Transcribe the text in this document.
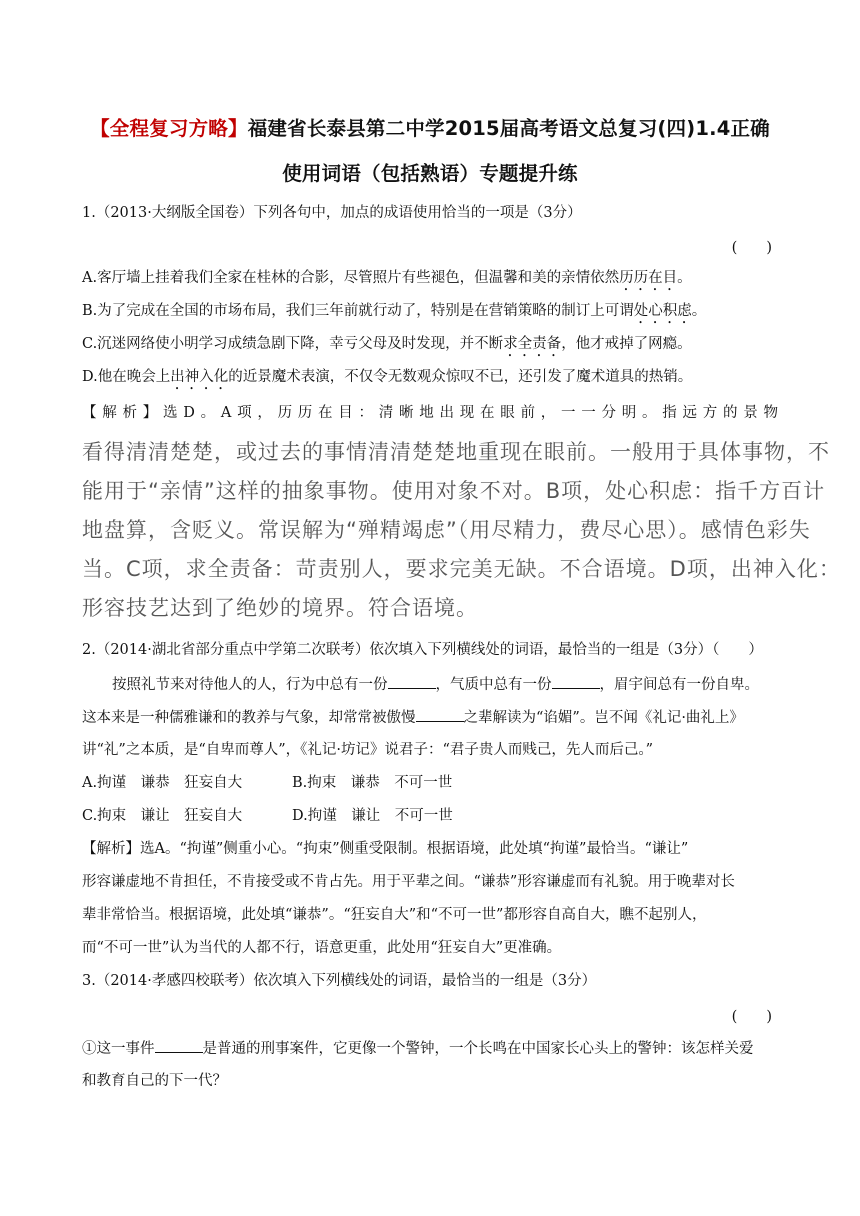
【全程复习方略】福建省长泰县第二中学2015届高考语文总复习(四)1.4正确
使用词语（包括熟语）专题提升练
1.（2013·大纲版全国卷）下列各句中，加点的成语使用恰当的一项是（3分）
(　　)
A.客厅墙上挂着我们全家在桂林的合影，尽管照片有些褪色，但温馨和美的亲情依然历历在目。
B.为了完成在全国的市场布局，我们三年前就行动了，特别是在营销策略的制订上可谓处心积虑。
C.沉迷网络使小明学习成绩急剧下降，幸亏父母及时发现，并不断求全责备，他才戒掉了网瘾。
D.他在晚会上出神入化的近景魔术表演，不仅令无数观众惊叹不已，还引发了魔术道具的热销。
【解析】选D。A项，历历在目：清晰地出现在眼前，一一分明。指远方的景物
看得清清楚楚，或过去的事情清清楚楚地重现在眼前。一般用于具体事物，不
能用于“亲情”这样的抽象事物。使用对象不对。B项，处心积虑：指千方百计
地盘算，含贬义。常误解为“殚精竭虑”（用尽精力，费尽心思）。感情色彩失
当。C项，求全责备：苛责别人，要求完美无缺。不合语境。D项，出神入化：
形容技艺达到了绝妙的境界。符合语境。
2.（2014·湖北省部分重点中学第二次联考）依次填入下列横线处的词语，最恰当的一组是（3分）（　　）
按照礼节来对待他人的人，行为中总有一份	，气质中总有一份	，眉宇间总有一份自卑。
这本来是一种儒雅谦和的教养与气象，却常常被傲慢	之辈解读为“谄媚”。岂不闻《礼记·曲礼上》
讲“礼”之本质，是“自卑而尊人”，《礼记·坊记》说君子：“君子贵人而贱己，先人而后己。”
A.拘谨　谦恭　狂妄自大	B.拘束　谦恭　不可一世
C.拘束　谦让　狂妄自大	D.拘谨　谦让　不可一世
【解析】选A。“拘谨”侧重小心。“拘束”侧重受限制。根据语境，此处填“拘谨”最恰当。“谦让”
形容谦虚地不肯担任，不肯接受或不肯占先。用于平辈之间。“谦恭”形容谦虚而有礼貌。用于晚辈对长
辈非常恰当。根据语境，此处填“谦恭”。“狂妄自大”和“不可一世”都形容自高自大，瞧不起别人，
而“不可一世”认为当代的人都不行，语意更重，此处用“狂妄自大”更准确。
3.（2014·孝感四校联考）依次填入下列横线处的词语，最恰当的一组是（3分）
(　　)
①这一事件	是普通的刑事案件，它更像一个警钟，一个长鸣在中国家长心头上的警钟：该怎样关爱
和教育自己的下一代？
